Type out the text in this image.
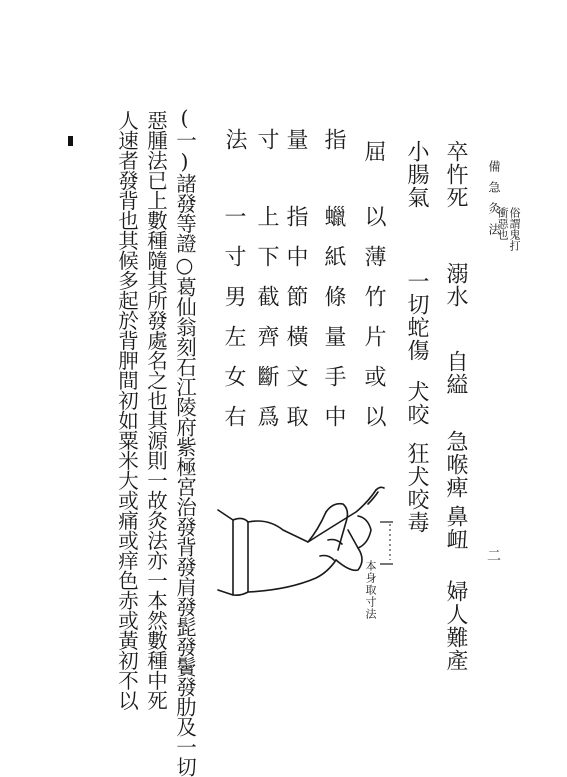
備急灸法
二
卒忤死
俗謂鬼打
衝惡也
溺水
自縊
急喉痺
鼻衄
婦人難產
小腸氣
一切蛇傷
犬咬
狂犬咬毒
屈
以薄竹片或以
指
蠟紙條量手中
量
指中節橫文取
寸
上下截齊斷爲
法
一寸男左女右
本身取寸法
(一)諸發等證○葛仙翁刻石江陵府紫極宮治發背發肩發髭發鬢發肋及一切
惡腫法已上數種隨其所發處名之也其源則一故灸法亦一本然數種中死
人速者發背也其候多起於背胛間初如粟米大或痛或痒色赤或黃初不以
